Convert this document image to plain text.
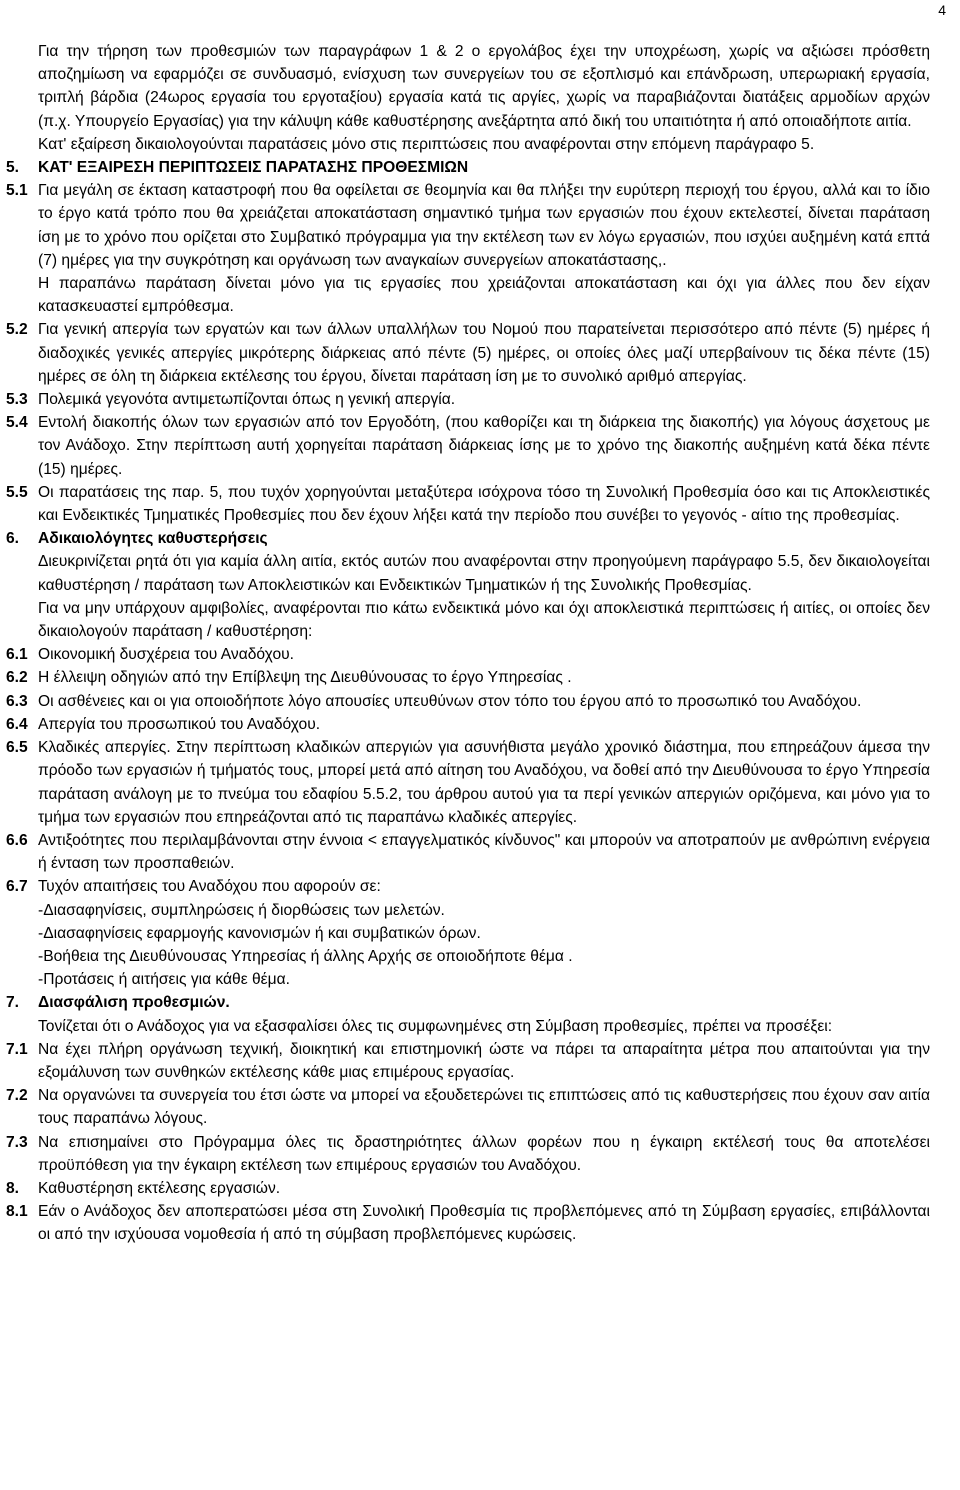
4

Για την τήρηση των προθεσμιών των παραγράφων 1 & 2 ο εργολάβος έχει την υποχρέωση, χωρίς να αξιώσει πρόσθετη αποζημίωση να εφαρμόζει σε συνδυασμό, ενίσχυση των συνεργείων του σε εξοπλισμό και επάνδρωση, υπερωριακή εργασία, τριπλή βάρδια (24ωρος εργασία του εργοταξίου) εργασία κατά τις αργίες, χωρίς να παραβιάζονται διατάξεις αρμοδίων αρχών (π.χ. Υπουργείο Εργασίας) για την κάλυψη κάθε καθυστέρησης ανεξάρτητα από δική του υπαιτιότητα ή από οποιαδήποτε αιτία.

Κατ' εξαίρεση δικαιολογούνται παρατάσεις μόνο στις περιπτώσεις που αναφέρονται στην επόμενη παράγραφο 5.

5.	ΚΑΤ' ΕΞΑΙΡΕΣΗ ΠΕΡΙΠΤΩΣΕΙΣ ΠΑΡΑΤΑΣΗΣ ΠΡΟΘΕΣΜΙΩΝ
5.1 Για μεγάλη σε έκταση καταστροφή που θα οφείλεται σε θεομηνία και θα πλήξει την ευρύτερη περιοχή του έργου, αλλά και το ίδιο το έργο κατά τρόπο που θα χρειάζεται αποκατάσταση σημαντικό τμήμα των εργασιών που έχουν εκτελεστεί, δίνεται παράταση ίση με το χρόνο που ορίζεται στο Συμβατικό πρόγραμμα για την εκτέλεση των εν λόγω εργασιών, που ισχύει αυξημένη κατά επτά (7) ημέρες για την συγκρότηση και οργάνωση των αναγκαίων συνεργείων αποκατάστασης,.

Η παραπάνω παράταση δίνεται μόνο για τις εργασίες που χρειάζονται αποκατάσταση και όχι για άλλες που δεν είχαν κατασκευαστεί εμπρόθεσμα.

5.2 Για γενική απεργία των εργατών και των άλλων υπαλλήλων του Νομού που παρατείνεται περισσότερο από πέντε (5) ημέρες ή διαδοχικές γενικές απεργίες μικρότερης διάρκειας από πέντε (5) ημέρες, οι οποίες όλες μαζί υπερβαίνουν τις δέκα πέντε (15) ημέρες σε όλη τη διάρκεια εκτέλεσης του έργου, δίνεται παράταση ίση με το συνολικό αριθμό απεργίας.
5.3 Πολεμικά γεγονότα αντιμετωπίζονται όπως η γενική απεργία.
5.4 Εντολή διακοπής όλων των εργασιών από τον Εργοδότη, (που καθορίζει και τη διάρκεια της διακοπής) για λόγους άσχετους με τον Ανάδοχο. Στην περίπτωση αυτή χορηγείται παράταση διάρκειας ίσης με το χρόνο της διακοπής αυξημένη κατά δέκα πέντε (15) ημέρες.
5.5 Οι παρατάσεις της παρ. 5, που τυχόν χορηγούνται μεταξύτερα ισόχρονα τόσο τη Συνολική Προθεσμία όσο και τις Αποκλειστικές και Ενδεικτικές Τμηματικές Προθεσμίες που δεν έχουν λήξει κατά την περίοδο που συνέβει το γεγονός - αίτιο της προθεσμίας.
6.	Αδικαιολόγητες καθυστερήσεις

Διευκρινίζεται ρητά ότι για καμία άλλη αιτία, εκτός αυτών που αναφέρονται στην προηγούμενη παράγραφο 5.5, δεν δικαιολογείται καθυστέρηση / παράταση των Αποκλειστικών και Ενδεικτικών Τμηματικών ή της Συνολικής Προθεσμίας.

Για να μην υπάρχουν αμφιβολίες, αναφέρονται πιο κάτω ενδεικτικά μόνο και όχι αποκλειστικά περιπτώσεις ή αιτίες, οι οποίες δεν δικαιολογούν παράταση / καθυστέρηση:

6.1 Οικονομική δυσχέρεια του Αναδόχου.
6.2 Η έλλειψη οδηγιών από την Επίβλεψη της Διευθύνουσας το έργο Υπηρεσίας .
6.3 Οι ασθένειες και οι για οποιοδήποτε λόγο απουσίες υπευθύνων στον τόπο του έργου από το προσωπικό του Αναδόχου.
6.4 Απεργία του προσωπικού του Αναδόχου.
6.5 Κλαδικές απεργίες. Στην περίπτωση κλαδικών απεργιών για ασυνήθιστα μεγάλο χρονικό διάστημα, που επηρεάζουν άμεσα την πρόοδο των εργασιών ή τμήματός τους, μπορεί μετά από αίτηση του Αναδόχου, να δοθεί από την Διευθύνουσα το έργο Υπηρεσία παράταση ανάλογη με το πνεύμα του εδαφίου 5.5.2, του άρθρου αυτού για τα περί γενικών απεργιών οριζόμενα, και μόνο για το τμήμα των εργασιών που επηρεάζονται από τις παραπάνω κλαδικές απεργίες.
6.6 Αντιξοότητες που περιλαμβάνονται στην έννοια < επαγγελματικός κίνδυνος" και μπορούν να αποτραπούν με ανθρώπινη ενέργεια ή ένταση των προσπαθειών.
6.7 Τυχόν απαιτήσεις του Αναδόχου που αφορούν σε:

-Διασαφηνίσεις, συμπληρώσεις ή διορθώσεις των μελετών.

-Διασαφηνίσεις εφαρμογής κανονισμών ή και συμβατικών όρων.

-Βοήθεια της Διευθύνουσας Υπηρεσίας ή άλλης Αρχής σε οποιοδήποτε θέμα .

-Προτάσεις ή αιτήσεις για κάθε θέμα.

7.	Διασφάλιση προθεσμιών.

Τονίζεται ότι ο Ανάδοχος για να εξασφαλίσει όλες τις συμφωνημένες στη Σύμβαση προθεσμίες, πρέπει να προσέξει:

7.1 Να έχει πλήρη οργάνωση τεχνική, διοικητική και επιστημονική ώστε να πάρει τα απαραίτητα μέτρα που απαιτούνται για την εξομάλυνση των συνθηκών εκτέλεσης κάθε μιας επιμέρους εργασίας.
7.2 Να οργανώνει τα συνεργεία του έτσι ώστε να μπορεί να εξουδετερώνει τις επιπτώσεις από τις καθυστερήσεις που έχουν σαν αιτία τους παραπάνω λόγους.
7.3 Να επισημαίνει στο Πρόγραμμα όλες τις δραστηριότητες άλλων φορέων που η έγκαιρη εκτέλεσή τους θα αποτελέσει προϋπόθεση για την έγκαιρη εκτέλεση των επιμέρους εργασιών του Αναδόχου.
8.	Καθυστέρηση εκτέλεσης εργασιών.
8.1 Εάν ο Ανάδοχος δεν αποπερατώσει μέσα στη Συνολική Προθεσμία τις προβλεπόμενες από τη Σύμβαση εργασίες, επιβάλλονται οι από την ισχύουσα νομοθεσία ή από τη σύμβαση προβλεπόμενες κυρώσεις.
